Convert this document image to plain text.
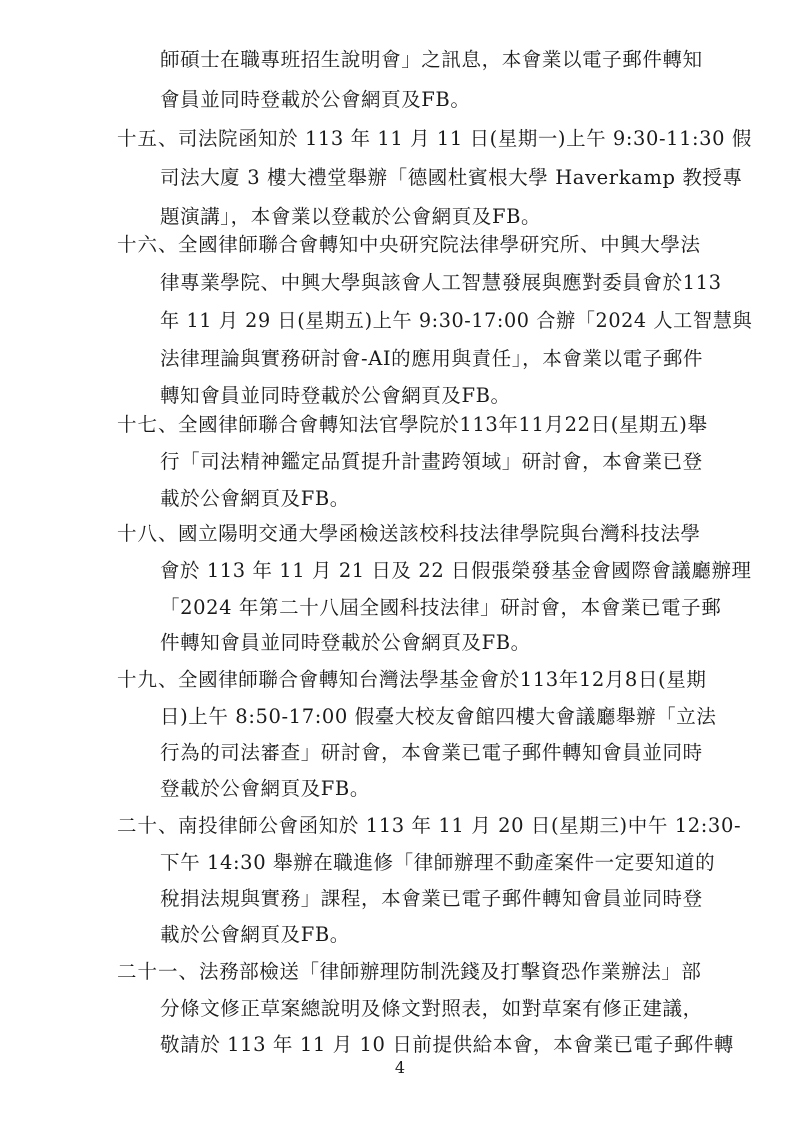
師碩士在職專班招生說明會」之訊息，本會業以電子郵件轉知
會員並同時登載於公會網頁及FB。
十五、 司法院函知於 113 年 11 月 11 日(星期一)上午 9:30-11:30 假
司法大廈 3 樓大禮堂舉辦「德國杜賓根大學 Haverkamp 教授專
題演講」，本會業以登載於公會網頁及FB。
十六、 全國律師聯合會轉知中央研究院法律學研究所、中興大學法
律專業學院、中興大學與該會人工智慧發展與應對委員會於113
年 11 月 29 日(星期五)上午 9:30-17:00 合辦「2024 人工智慧與
法律理論與實務研討會-AI的應用與責任」，本會業以電子郵件
轉知會員並同時登載於公會網頁及FB。
十七、 全國律師聯合會轉知法官學院於113年11月22日(星期五)舉
行「司法精神鑑定品質提升計畫跨領域」研討會，本會業已登
載於公會網頁及FB。
十八、 國立陽明交通大學函檢送該校科技法律學院與台灣科技法學
會於 113 年 11 月 21 日及 22 日假張榮發基金會國際會議廳辦理
「2024 年第二十八屆全國科技法律」研討會，本會業已電子郵
件轉知會員並同時登載於公會網頁及FB。
十九、 全國律師聯合會轉知台灣法學基金會於113年12月8日(星期
日)上午 8:50-17:00 假臺大校友會館四樓大會議廳舉辦「立法
行為的司法審查」研討會，本會業已電子郵件轉知會員並同時
登載於公會網頁及FB。
二十、 南投律師公會函知於 113 年 11 月 20 日(星期三)中午 12:30-
下午 14:30 舉辦在職進修「律師辦理不動產案件一定要知道的
稅捐法規與實務」課程，本會業已電子郵件轉知會員並同時登
載於公會網頁及FB。
二十一、 法務部檢送「律師辦理防制洗錢及打擊資恐作業辦法」部
分條文修正草案總說明及條文對照表，如對草案有修正建議，
敬請於 113 年 11 月 10 日前提供給本會，本會業已電子郵件轉
4
